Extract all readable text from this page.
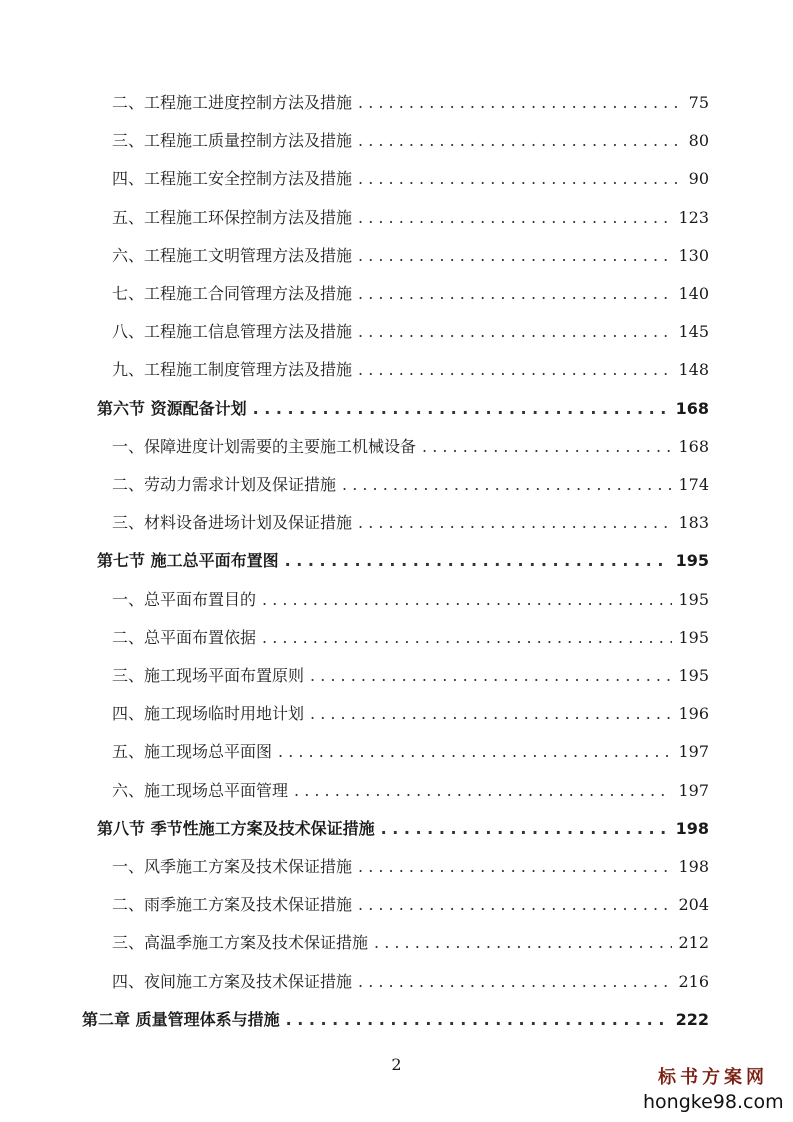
二、工程施工进度控制方法及措施 . . .	75
三、工程施工质量控制方法及措施 . . .	80
四、工程施工安全控制方法及措施 . . .	90
五、工程施工环保控制方法及措施 . . .	123
六、工程施工文明管理方法及措施 . . .	130
七、工程施工合同管理方法及措施 . . .	140
八、工程施工信息管理方法及措施 . . .	145
九、工程施工制度管理方法及措施 . . .	148
第六节 资源配备计划 . . .	168
一、保障进度计划需要的主要施工机械设备 . . .	168
二、劳动力需求计划及保证措施 . . .	174
三、材料设备进场计划及保证措施 . . .	183
第七节 施工总平面布置图 . . .	195
一、总平面布置目的 . . .	195
二、总平面布置依据 . . .	195
三、施工现场平面布置原则 . . .	195
四、施工现场临时用地计划 . . .	196
五、施工现场总平面图 . . .	197
六、施工现场总平面管理 . . .	197
第八节 季节性施工方案及技术保证措施 . . .	198
一、风季施工方案及技术保证措施 . . .	198
二、雨季施工方案及技术保证措施 . . .	204
三、高温季施工方案及技术保证措施 . . .	212
四、夜间施工方案及技术保证措施 . . .	216
第二章 质量管理体系与措施 . . .	222
2
标书方案网
hongke98.com
